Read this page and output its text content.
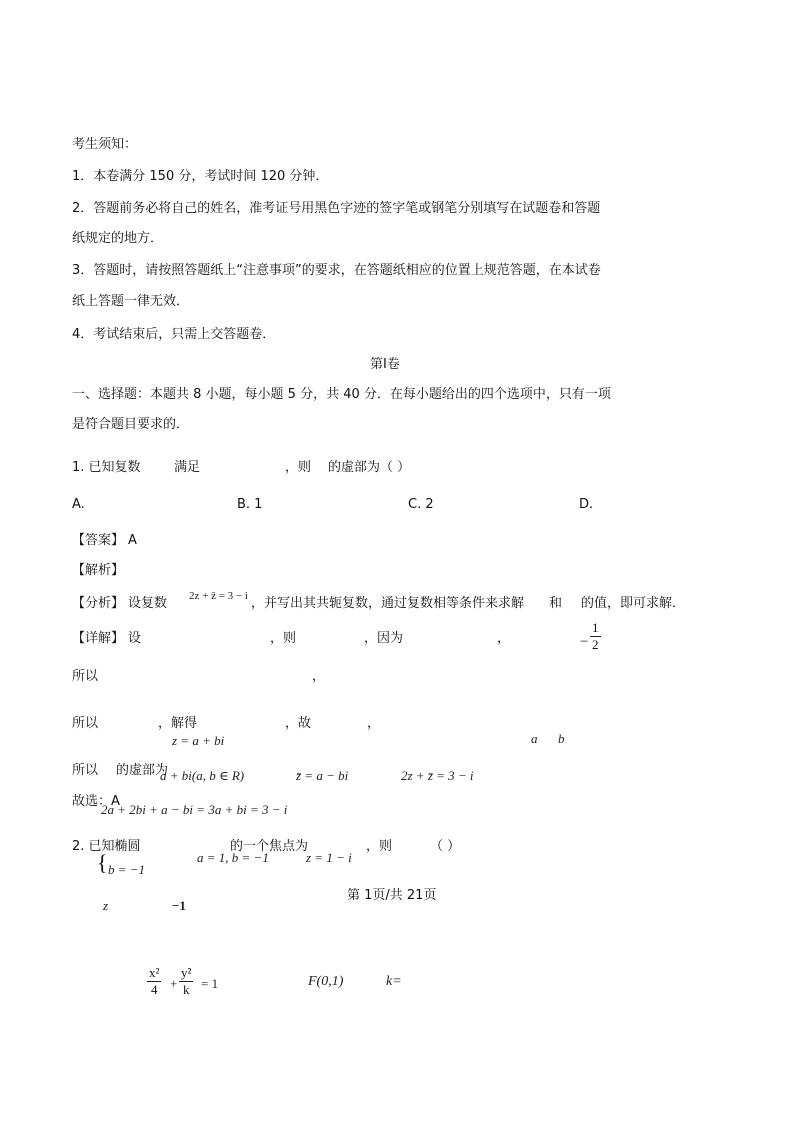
考生须知：
1．本卷满分 150 分，考试时间 120 分钟．
2．答题前务必将自己的姓名，准考证号用黑色字迹的签字笔或钢笔分别填写在试题卷和答题
纸规定的地方．
3．答题时，请按照答题纸上“注意事项”的要求，在答题纸相应的位置上规范答题，在本试卷
纸上答题一律无效．
4．考试结束后，只需上交答题卷．
第Ⅰ卷
一、选择题：本题共 8 小题，每小题 5 分，共 40 分．在每小题给出的四个选项中，只有一项
是符合题目要求的．
1. 已知复数	满足	，则 的虚部为（ ）
A.	B. 1	C. 2	D.
【答案】 A
【解析】
【分析】 设复数 2z + z̄ = 3 − i ，并写出其共轭复数，通过复数相等条件来求解 和 的值，即可求解．
【详解】 设	，则	，因为	，	− $\frac{1}{2}$
所以	，
所以	，解得	，故	，
z = a + bi	a b
所以 的虚部为
a + bi(a, b ∈ R)	z̄ = a − bi	2z + z̄ = 3 − i
故选：A
2a + 2bi + a − bi = 3a + bi = 3 − i
2. 已知椭圆	的一个焦点为	，则	（ ）
a = 1, b = −1	z = 1 − i
{ b = −1
第 1页/共 21页
z	−1
$\frac{\text{x²}}{4} + \frac{\text{y²}}{k} = 1$	F(0,1)	k=
